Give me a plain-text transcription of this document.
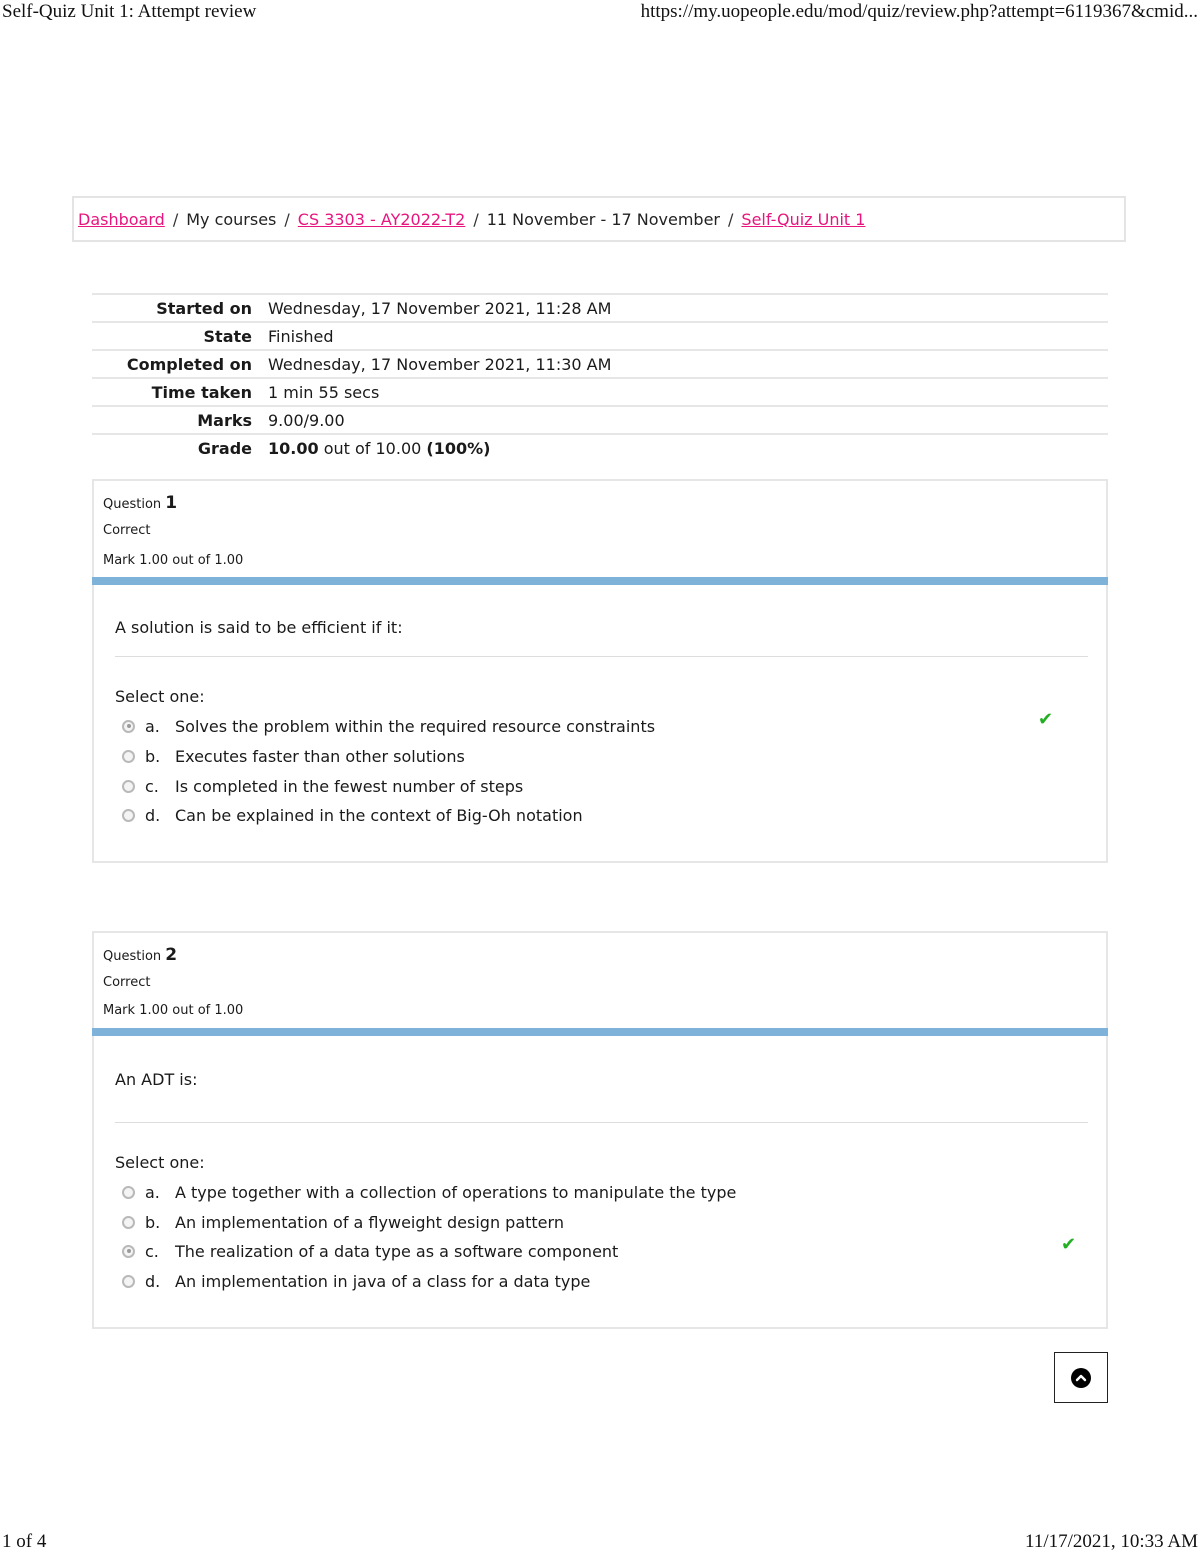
Self-Quiz Unit 1: Attempt review	https://my.uopeople.edu/mod/quiz/review.php?attempt=6119367&cmid...
Dashboard / My courses / CS 3303 - AY2022-T2 / 11 November - 17 November / Self-Quiz Unit 1
Started on	Wednesday, 17 November 2021, 11:28 AM
State	Finished
Completed on	Wednesday, 17 November 2021, 11:30 AM
Time taken	1 min 55 secs
Marks	9.00/9.00
Grade	10.00 out of 10.00 (100%)
Question 1
Correct
Mark 1.00 out of 1.00
A solution is said to be efficient if it:
Select one:
a. Solves the problem within the required resource constraints
b. Executes faster than other solutions
c.	Is completed in the fewest number of steps
d. Can be explained in the context of Big-Oh notation
✔
Question 2
Correct
Mark 1.00 out of 1.00
An ADT is:
Select one:
a. A type together with a collection of operations to manipulate the type
b. An implementation of a flyweight design pattern
c.	The realization of a data type as a software component
d. An implementation in java of a class for a data type
✔
1 of 4	11/17/2021, 10:33 AM
